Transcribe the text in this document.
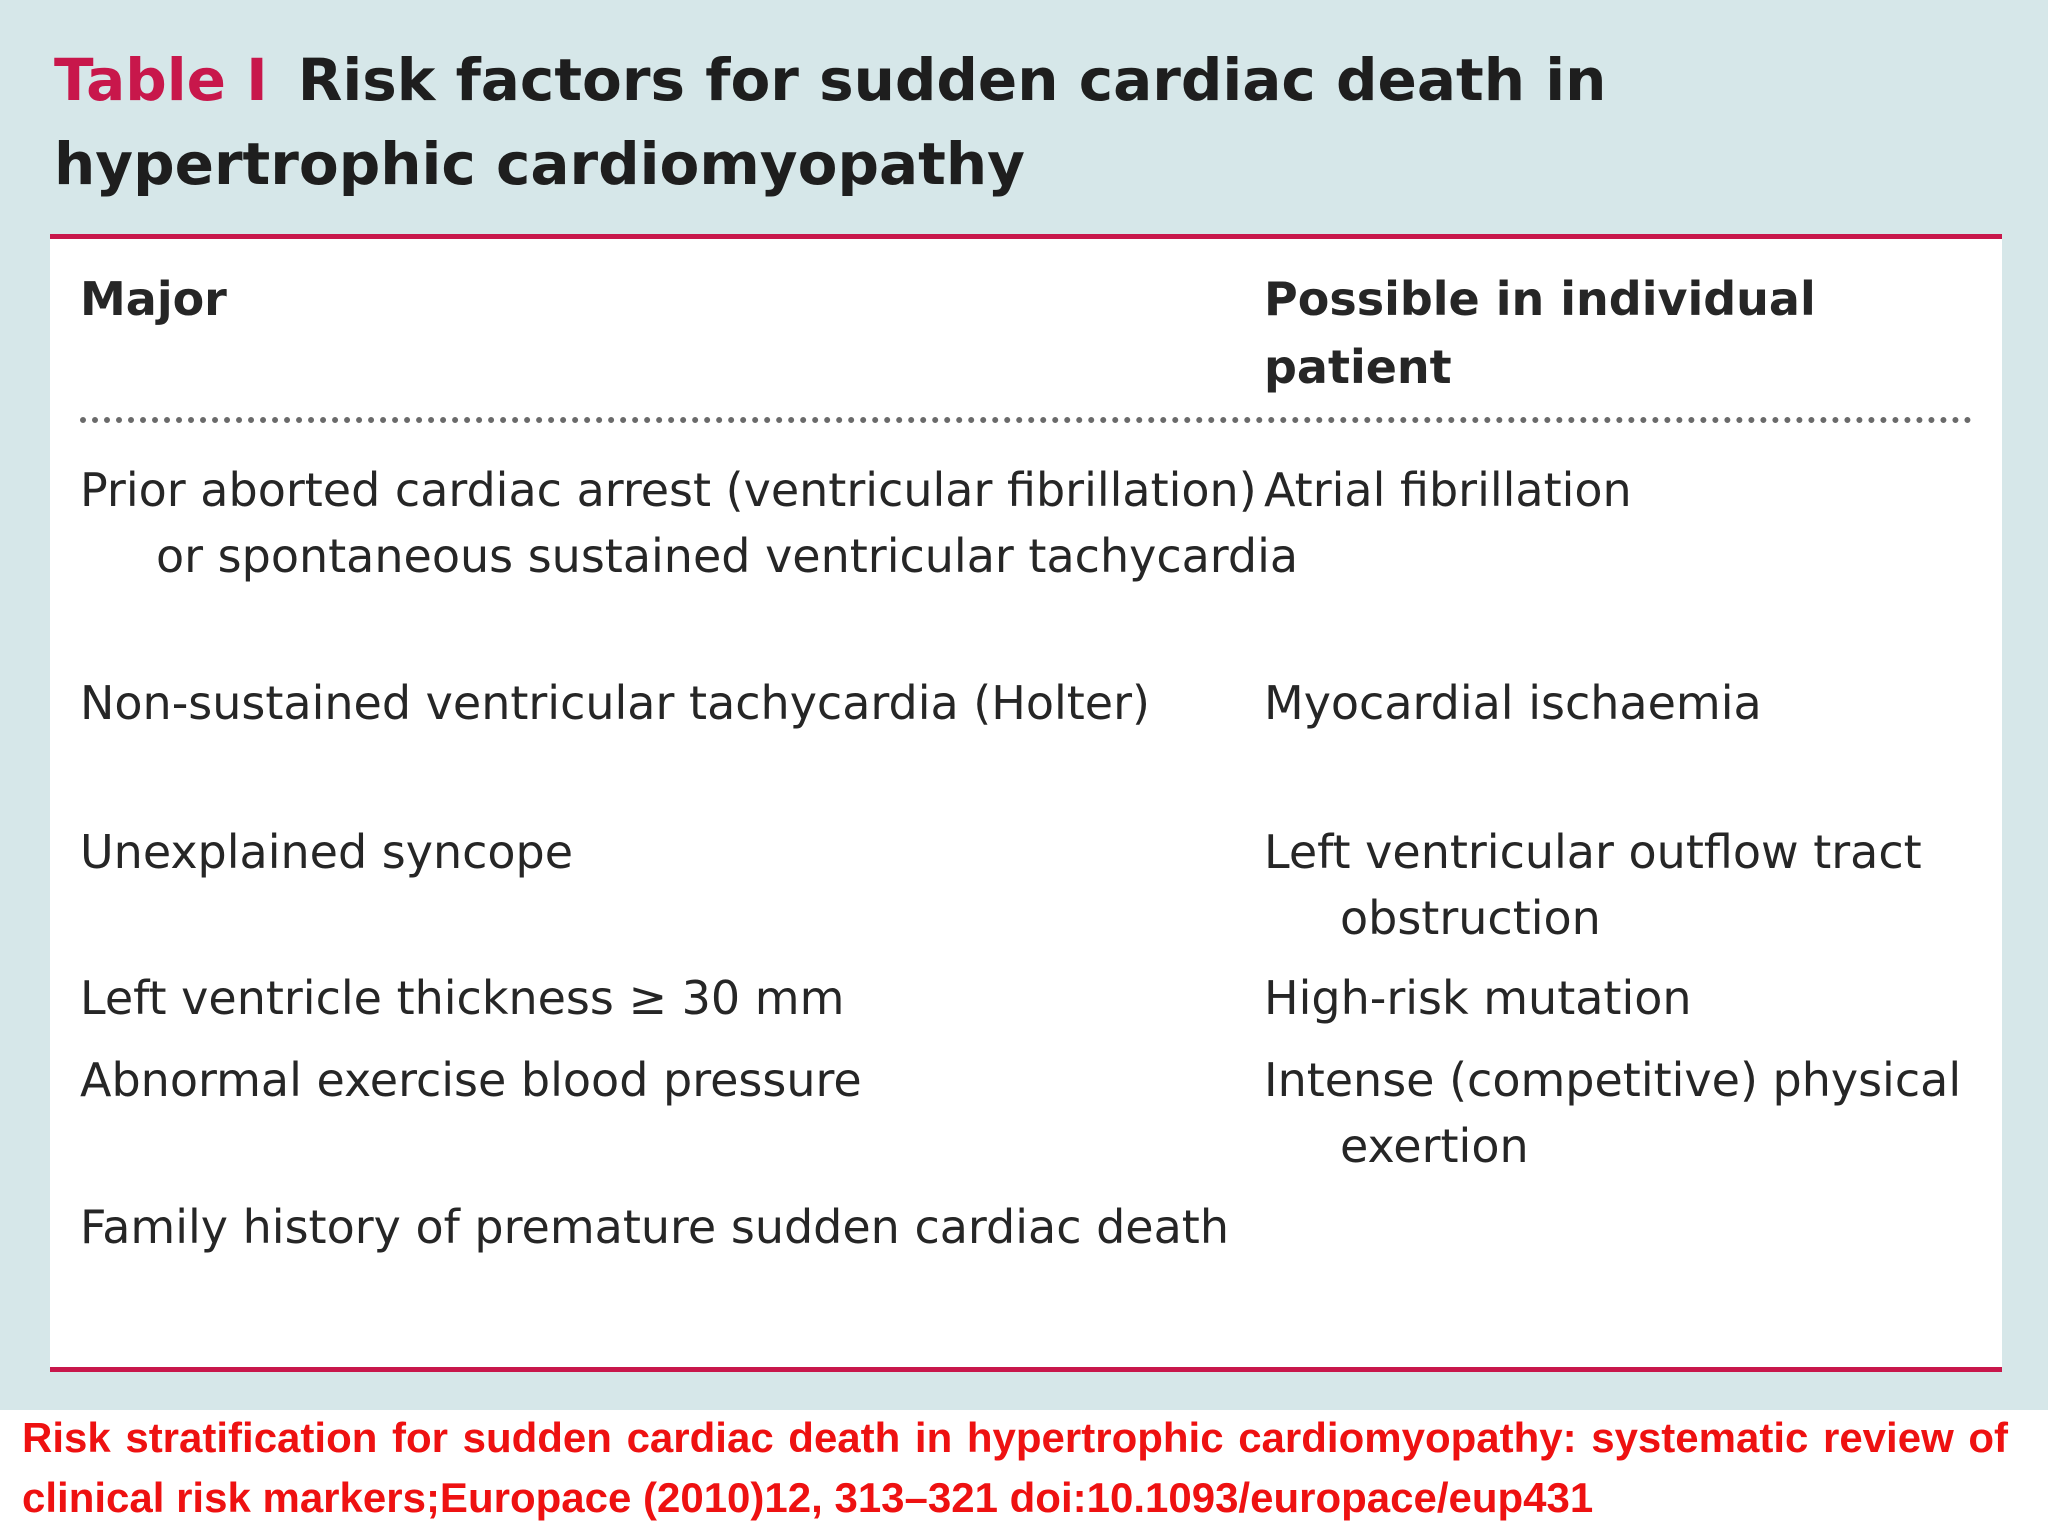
Table I Risk factors for sudden cardiac death in hypertrophic cardiomyopathy
Major	Possible in individual patient
Prior aborted cardiac arrest (ventricular fibrillation) or spontaneous sustained ventricular tachycardia
Non-sustained ventricular tachycardia (Holter)
Unexplained syncope
Left ventricle thickness ≥ 30 mm
Abnormal exercise blood pressure
Family history of premature sudden cardiac death
Atrial fibrillation
Myocardial ischaemia
Left ventricular outflow tract obstruction
High-risk mutation
Intense (competitive) physical exertion
Risk stratification for sudden cardiac death in hypertrophic cardiomyopathy: systematic review of clinical risk markers;Europace (2010)12, 313–321 doi:10.1093/europace/eup431
